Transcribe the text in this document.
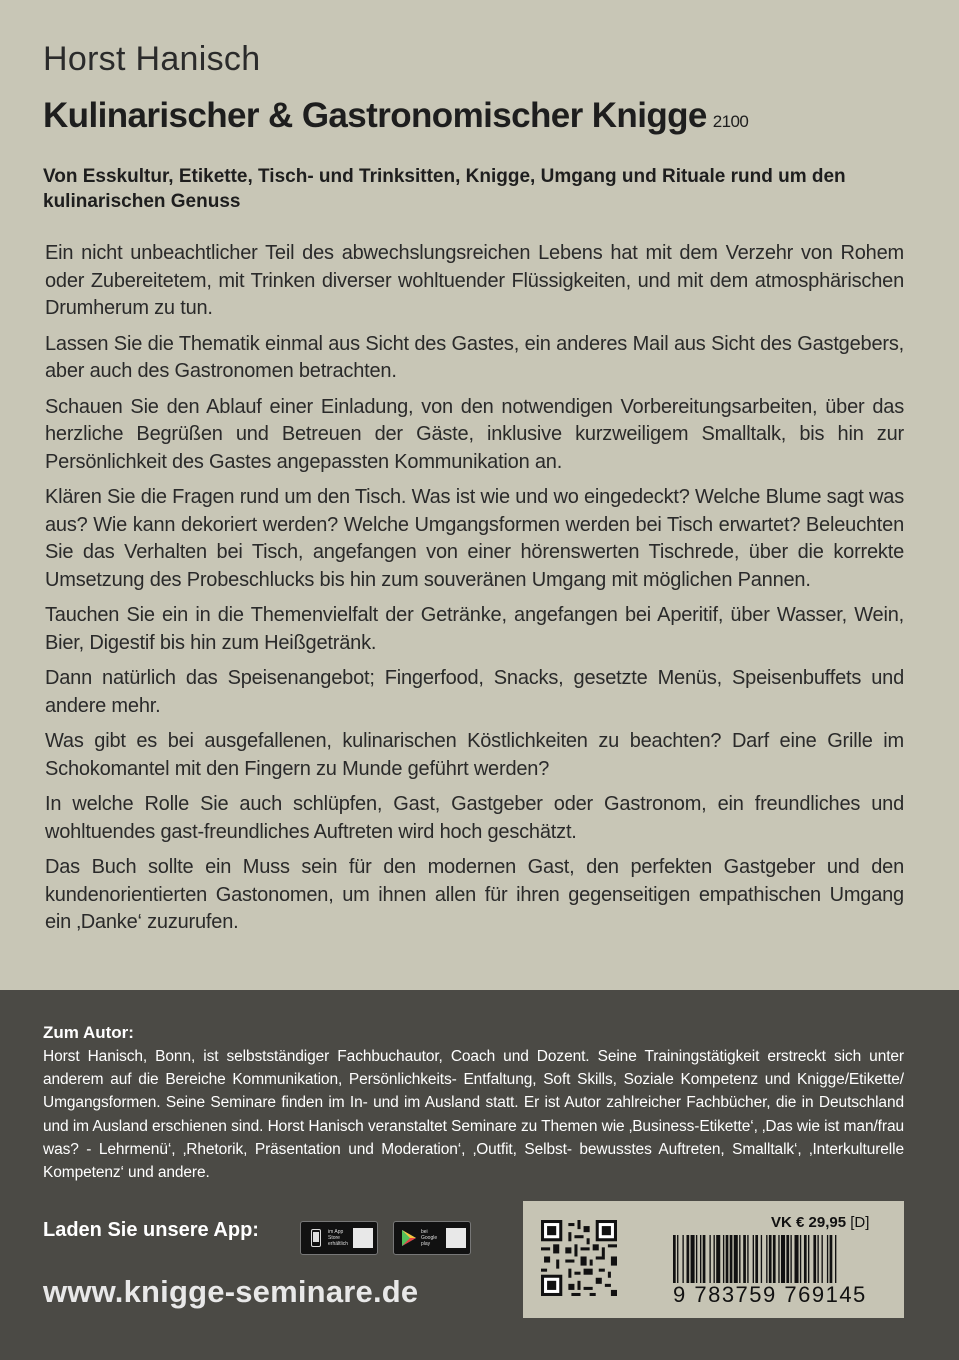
Horst Hanisch
Kulinarischer & Gastronomischer Knigge 2100
Von Esskultur, Etikette, Tisch- und Trinksitten, Knigge, Umgang und Rituale rund um den kulinarischen Genuss

Ein nicht unbeachtlicher Teil des abwechslungsreichen Lebens hat mit dem Verzehr von Rohem oder Zubereitetem, mit Trinken diverser wohltuender Flüssigkeiten, und mit dem atmosphärischen Drumherum zu tun.

Lassen Sie die Thematik einmal aus Sicht des Gastes, ein anderes Mail aus Sicht des Gastgebers, aber auch des Gastronomen betrachten.

Schauen Sie den Ablauf einer Einladung, von den notwendigen Vorbereitungsarbeiten, über das herzliche Begrüßen und Betreuen der Gäste, inklusive kurzweiligem Smalltalk, bis hin zur Persönlichkeit des Gastes angepassten Kommunikation an.

Klären Sie die Fragen rund um den Tisch. Was ist wie und wo eingedeckt? Welche Blume sagt was aus? Wie kann dekoriert werden? Welche Umgangsformen werden bei Tisch erwartet? Beleuchten Sie das Verhalten bei Tisch, angefangen von einer hörenswerten Tischrede, über die korrekte Umsetzung des Probeschlucks bis hin zum souveränen Umgang mit möglichen Pannen.

Tauchen Sie ein in die Themenvielfalt der Getränke, angefangen bei Aperitif, über Wasser, Wein, Bier, Digestif bis hin zum Heißgetränk.

Dann natürlich das Speisenangebot; Fingerfood, Snacks, gesetzte Menüs, Speisenbuffets und andere mehr.

Was gibt es bei ausgefallenen, kulinarischen Köstlichkeiten zu beachten? Darf eine Grille im Schokomantel mit den Fingern zu Munde geführt werden?

In welche Rolle Sie auch schlüpfen, Gast, Gastgeber oder Gastronom, ein freundliches und wohltuendes gast-freundliches Auftreten wird hoch geschätzt.

Das Buch sollte ein Muss sein für den modernen Gast, den perfekten Gastgeber und den kundenorientierten Gastonomen, um ihnen allen für ihren gegenseitigen empathischen Umgang ein ‚Danke‘ zuzurufen.

Zum Autor:
Horst Hanisch, Bonn, ist selbstständiger Fachbuchautor, Coach und Dozent. Seine Trainingstätigkeit erstreckt sich unter anderem auf die Bereiche Kommunikation, Persönlichkeits- Entfaltung, Soft Skills, Soziale Kompetenz und Knigge/Etikette/ Umgangsformen. Seine Seminare finden im In- und im Ausland statt. Er ist Autor zahlreicher Fachbücher, die in Deutschland und im Ausland erschienen sind. Horst Hanisch veranstaltet Seminare zu Themen wie ‚Business-Etikette‘, ‚Das wie ist man/frau was? - Lehrmenü‘, ‚Rhetorik, Präsentation und Moderation‘, ‚Outfit, Selbst- bewusstes Auftreten, Smalltalk‘, ‚Interkulturelle Kompetenz‘ und andere.
Laden Sie unsere App:	im App Store erhältlich
bei Google play
www.knigge-seminare.de
VK € 29,95 [D]
9 783759 769145
